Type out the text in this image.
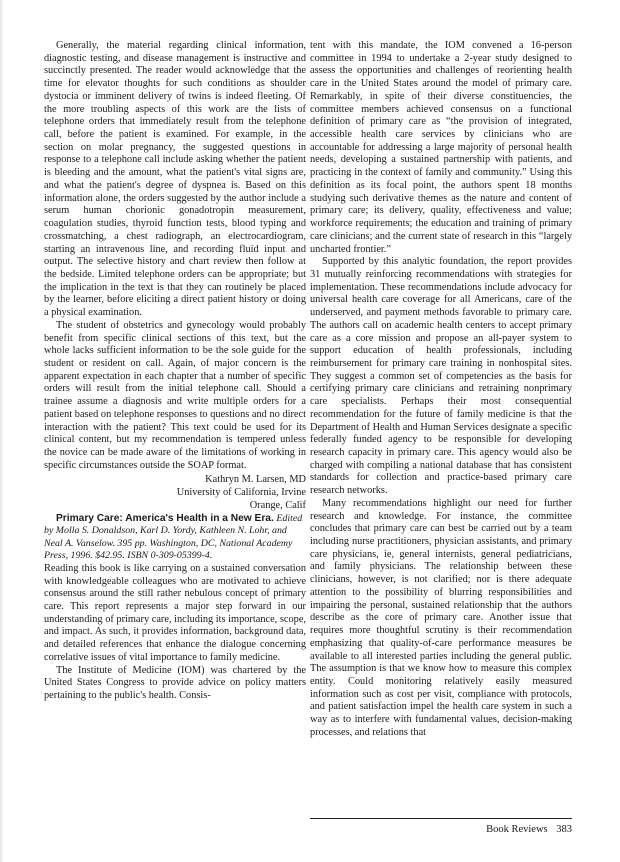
Generally, the material regarding clinical information, diagnostic testing, and disease management is instructive and succinctly presented. The reader would acknowledge that the time for elevator thoughts for such conditions as shoulder dystocia or imminent delivery of twins is indeed fleeting. Of the more troubling aspects of this work are the lists of telephone orders that immediately result from the telephone call, before the patient is examined. For example, in the section on molar pregnancy, the suggested questions in response to a telephone call include asking whether the patient is bleeding and the amount, what the patient's vital signs are, and what the patient's degree of dyspnea is. Based on this information alone, the orders suggested by the author include a serum human chorionic gonadotropin measurement, coagulation studies, thyroid function tests, blood typing and crossmatching, a chest radiograph, an electrocardiogram, starting an intravenous line, and recording fluid input and output. The selective history and chart review then follow at the bedside. Limited telephone orders can be appropriate; but the implication in the text is that they can routinely be placed by the learner, before eliciting a direct patient history or doing a physical examination.

The student of obstetrics and gynecology would probably benefit from specific clinical sections of this text, but the whole lacks sufficient information to be the sole guide for the student or resident on call. Again, of major concern is the apparent expectation in each chapter that a number of specific orders will result from the initial telephone call. Should a trainee assume a diagnosis and write multiple orders for a patient based on telephone responses to questions and no direct interaction with the patient? This text could be used for its clinical content, but my recommendation is tempered unless the novice can be made aware of the limitations of working in specific circumstances outside the SOAP format.

Kathryn M. Larsen, MD
University of California, Irvine
Orange, Calif

Primary Care: America's Health in a New Era. Edited by Molla S. Donaldson, Karl D. Yordy, Kathleen N. Lohr, and Neal A. Vanselow. 395 pp. Washington, DC, National Academy Press, 1996. $42.95. ISBN 0-309-05399-4.

Reading this book is like carrying on a sustained conversation with knowledgeable colleagues who are motivated to achieve consensus around the still rather nebulous concept of primary care. This report represents a major step forward in our understanding of primary care, including its importance, scope, and impact. As such, it provides information, background data, and detailed references that enhance the dialogue concerning correlative issues of vital importance to family medicine.

The Institute of Medicine (IOM) was chartered by the United States Congress to provide advice on policy matters pertaining to the public's health. Consis-

tent with this mandate, the IOM convened a 16-person committee in 1994 to undertake a 2-year study designed to assess the opportunities and challenges of reorienting health care in the United States around the model of primary care. Remarkably, in spite of their diverse constituencies, the committee members achieved consensus on a functional definition of primary care as “the provision of integrated, accessible health care services by clinicians who are accountable for addressing a large majority of personal health needs, developing a sustained partnership with patients, and practicing in the context of family and community.” Using this definition as its focal point, the authors spent 18 months studying such derivative themes as the nature and content of primary care; its delivery, quality, effectiveness and value; workforce requirements; the education and training of primary care clinicians; and the current state of research in this “largely uncharted frontier.”

Supported by this analytic foundation, the report provides 31 mutually reinforcing recommendations with strategies for implementation. These recommendations include advocacy for universal health care coverage for all Americans, care of the underserved, and payment methods favorable to primary care. The authors call on academic health centers to accept primary care as a core mission and propose an all-payer system to support education of health professionals, including reimbursement for primary care training in nonhospital sites. They suggest a common set of competencies as the basis for certifying primary care clinicians and retraining nonprimary care specialists. Perhaps their most consequential recommendation for the future of family medicine is that the Department of Health and Human Services designate a specific federally funded agency to be responsible for developing research capacity in primary care. This agency would also be charged with compiling a national database that has consistent standards for collection and practice-based primary care research networks.

Many recommendations highlight our need for further research and knowledge. For instance, the committee concludes that primary care can best be carried out by a team including nurse practitioners, physician assistants, and primary care physicians, ie, general internists, general pediatricians, and family physicians. The relationship between these clinicians, however, is not clarified; nor is there adequate attention to the possibility of blurring responsibilities and impairing the personal, sustained relationship that the authors describe as the core of primary care. Another issue that requires more thoughtful scrutiny is their recommendation emphasizing that quality-of-care performance measures be available to all interested parties including the general public. The assumption is that we know how to measure this complex entity. Could monitoring relatively easily measured information such as cost per visit, compliance with protocols, and patient satisfaction impel the health care system in such a way as to interfere with fundamental values, decision-making processes, and relations that

Book Reviews 383
